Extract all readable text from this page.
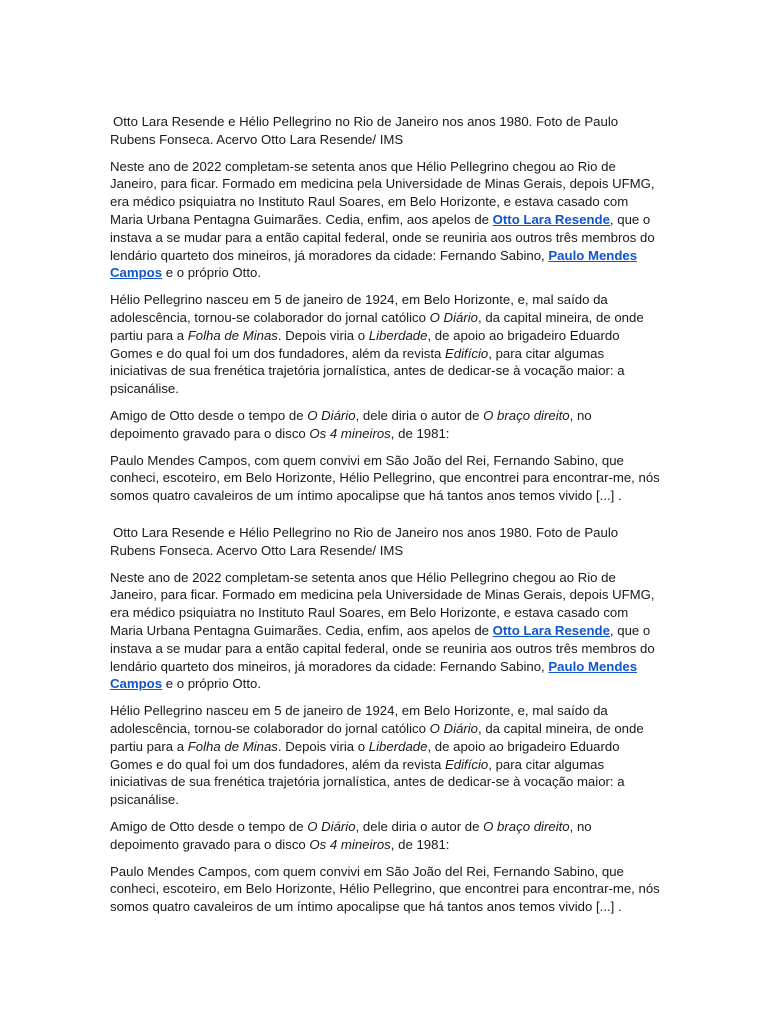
Otto Lara Resende e Hélio Pellegrino no Rio de Janeiro nos anos 1980. Foto de Paulo Rubens Fonseca. Acervo Otto Lara Resende/ IMS

Neste ano de 2022 completam-se setenta anos que Hélio Pellegrino chegou ao Rio de Janeiro, para ficar. Formado em medicina pela Universidade de Minas Gerais, depois UFMG, era médico psiquiatra no Instituto Raul Soares, em Belo Horizonte, e estava casado com Maria Urbana Pentagna Guimarães. Cedia, enfim, aos apelos de Otto Lara Resende, que o instava a se mudar para a então capital federal, onde se reuniria aos outros três membros do lendário quarteto dos mineiros, já moradores da cidade: Fernando Sabino, Paulo Mendes Campos e o próprio Otto.

Hélio Pellegrino nasceu em 5 de janeiro de 1924, em Belo Horizonte, e, mal saído da adolescência, tornou-se colaborador do jornal católico O Diário, da capital mineira, de onde partiu para a Folha de Minas. Depois viria o Liberdade, de apoio ao brigadeiro Eduardo Gomes e do qual foi um dos fundadores, além da revista Edifício, para citar algumas iniciativas de sua frenética trajetória jornalística, antes de dedicar-se à vocação maior: a psicanálise.

Amigo de Otto desde o tempo de O Diário, dele diria o autor de O braço direito, no depoimento gravado para o disco Os 4 mineiros, de 1981:

Paulo Mendes Campos, com quem convivi em São João del Rei, Fernando Sabino, que conheci, escoteiro, em Belo Horizonte, Hélio Pellegrino, que encontrei para encontrar-me, nós somos quatro cavaleiros de um íntimo apocalipse que há tantos anos temos vivido [...] .

Otto Lara Resende e Hélio Pellegrino no Rio de Janeiro nos anos 1980. Foto de Paulo Rubens Fonseca. Acervo Otto Lara Resende/ IMS

Neste ano de 2022 completam-se setenta anos que Hélio Pellegrino chegou ao Rio de Janeiro, para ficar. Formado em medicina pela Universidade de Minas Gerais, depois UFMG, era médico psiquiatra no Instituto Raul Soares, em Belo Horizonte, e estava casado com Maria Urbana Pentagna Guimarães. Cedia, enfim, aos apelos de Otto Lara Resende, que o instava a se mudar para a então capital federal, onde se reuniria aos outros três membros do lendário quarteto dos mineiros, já moradores da cidade: Fernando Sabino, Paulo Mendes Campos e o próprio Otto.

Hélio Pellegrino nasceu em 5 de janeiro de 1924, em Belo Horizonte, e, mal saído da adolescência, tornou-se colaborador do jornal católico O Diário, da capital mineira, de onde partiu para a Folha de Minas. Depois viria o Liberdade, de apoio ao brigadeiro Eduardo Gomes e do qual foi um dos fundadores, além da revista Edifício, para citar algumas iniciativas de sua frenética trajetória jornalística, antes de dedicar-se à vocação maior: a psicanálise.

Amigo de Otto desde o tempo de O Diário, dele diria o autor de O braço direito, no depoimento gravado para o disco Os 4 mineiros, de 1981:

Paulo Mendes Campos, com quem convivi em São João del Rei, Fernando Sabino, que conheci, escoteiro, em Belo Horizonte, Hélio Pellegrino, que encontrei para encontrar-me, nós somos quatro cavaleiros de um íntimo apocalipse que há tantos anos temos vivido [...] .
